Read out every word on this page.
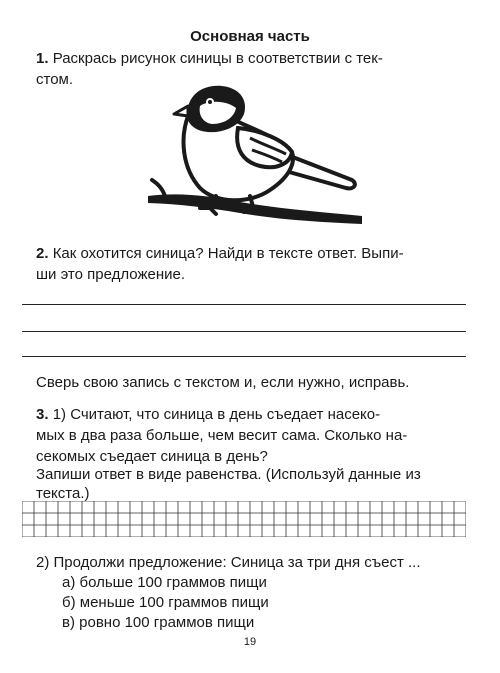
Основная часть
1. Раскрась рисунок синицы в соответствии с тек-
стом.
2. Как охотится синица? Найди в тексте ответ. Выпи-
ши это предложение.
Сверь свою запись с текстом и, если нужно, исправь.
3. 1) Считают, что синица в день съедает насеко-
мых в два раза больше, чем весит сама. Сколько на-
секомых съедает синица в день?
Запиши ответ в виде равенства. (Используй данные из
текста.)
2) Продолжи предложение: Синица за три дня съест ...
а) больше 100 граммов пищи
б) меньше 100 граммов пищи
в) ровно 100 граммов пищи
19
